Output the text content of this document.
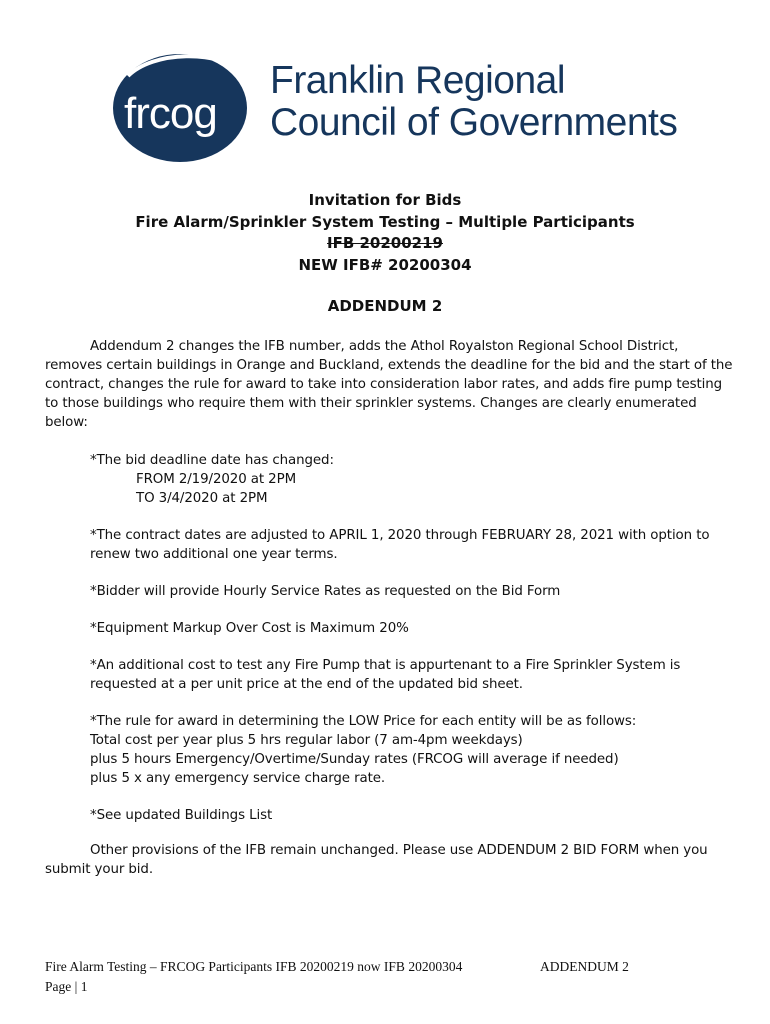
frcog
Franklin Regional
Council of Governments
Invitation for Bids
Fire Alarm/Sprinkler System Testing – Multiple Participants
IFB 20200219
NEW IFB# 20200304
ADDENDUM 2
Addendum 2 changes the IFB number, adds the Athol Royalston Regional School District, removes certain buildings in Orange and Buckland, extends the deadline for the bid and the start of the contract, changes the rule for award to take into consideration labor rates, and adds fire pump testing to those buildings who require them with their sprinkler systems. Changes are clearly enumerated below:
*The bid deadline date has changed:
FROM 2/19/2020 at 2PM
TO 3/4/2020 at 2PM
*The contract dates are adjusted to APRIL 1, 2020 through FEBRUARY 28, 2021 with option to renew two additional one year terms.
*Bidder will provide Hourly Service Rates as requested on the Bid Form
*Equipment Markup Over Cost is Maximum 20%
*An additional cost to test any Fire Pump that is appurtenant to a Fire Sprinkler System is requested at a per unit price at the end of the updated bid sheet.
*The rule for award in determining the LOW Price for each entity will be as follows:
Total cost per year plus 5 hrs regular labor (7 am-4pm weekdays)
plus 5 hours Emergency/Overtime/Sunday rates (FRCOG will average if needed)
plus 5 x any emergency service charge rate.
*See updated Buildings List
Other provisions of the IFB remain unchanged. Please use ADDENDUM 2 BID FORM when you submit your bid.
Fire Alarm Testing – FRCOG Participants IFB 20200219 now IFB 20200304	ADDENDUM 2
Page | 1
